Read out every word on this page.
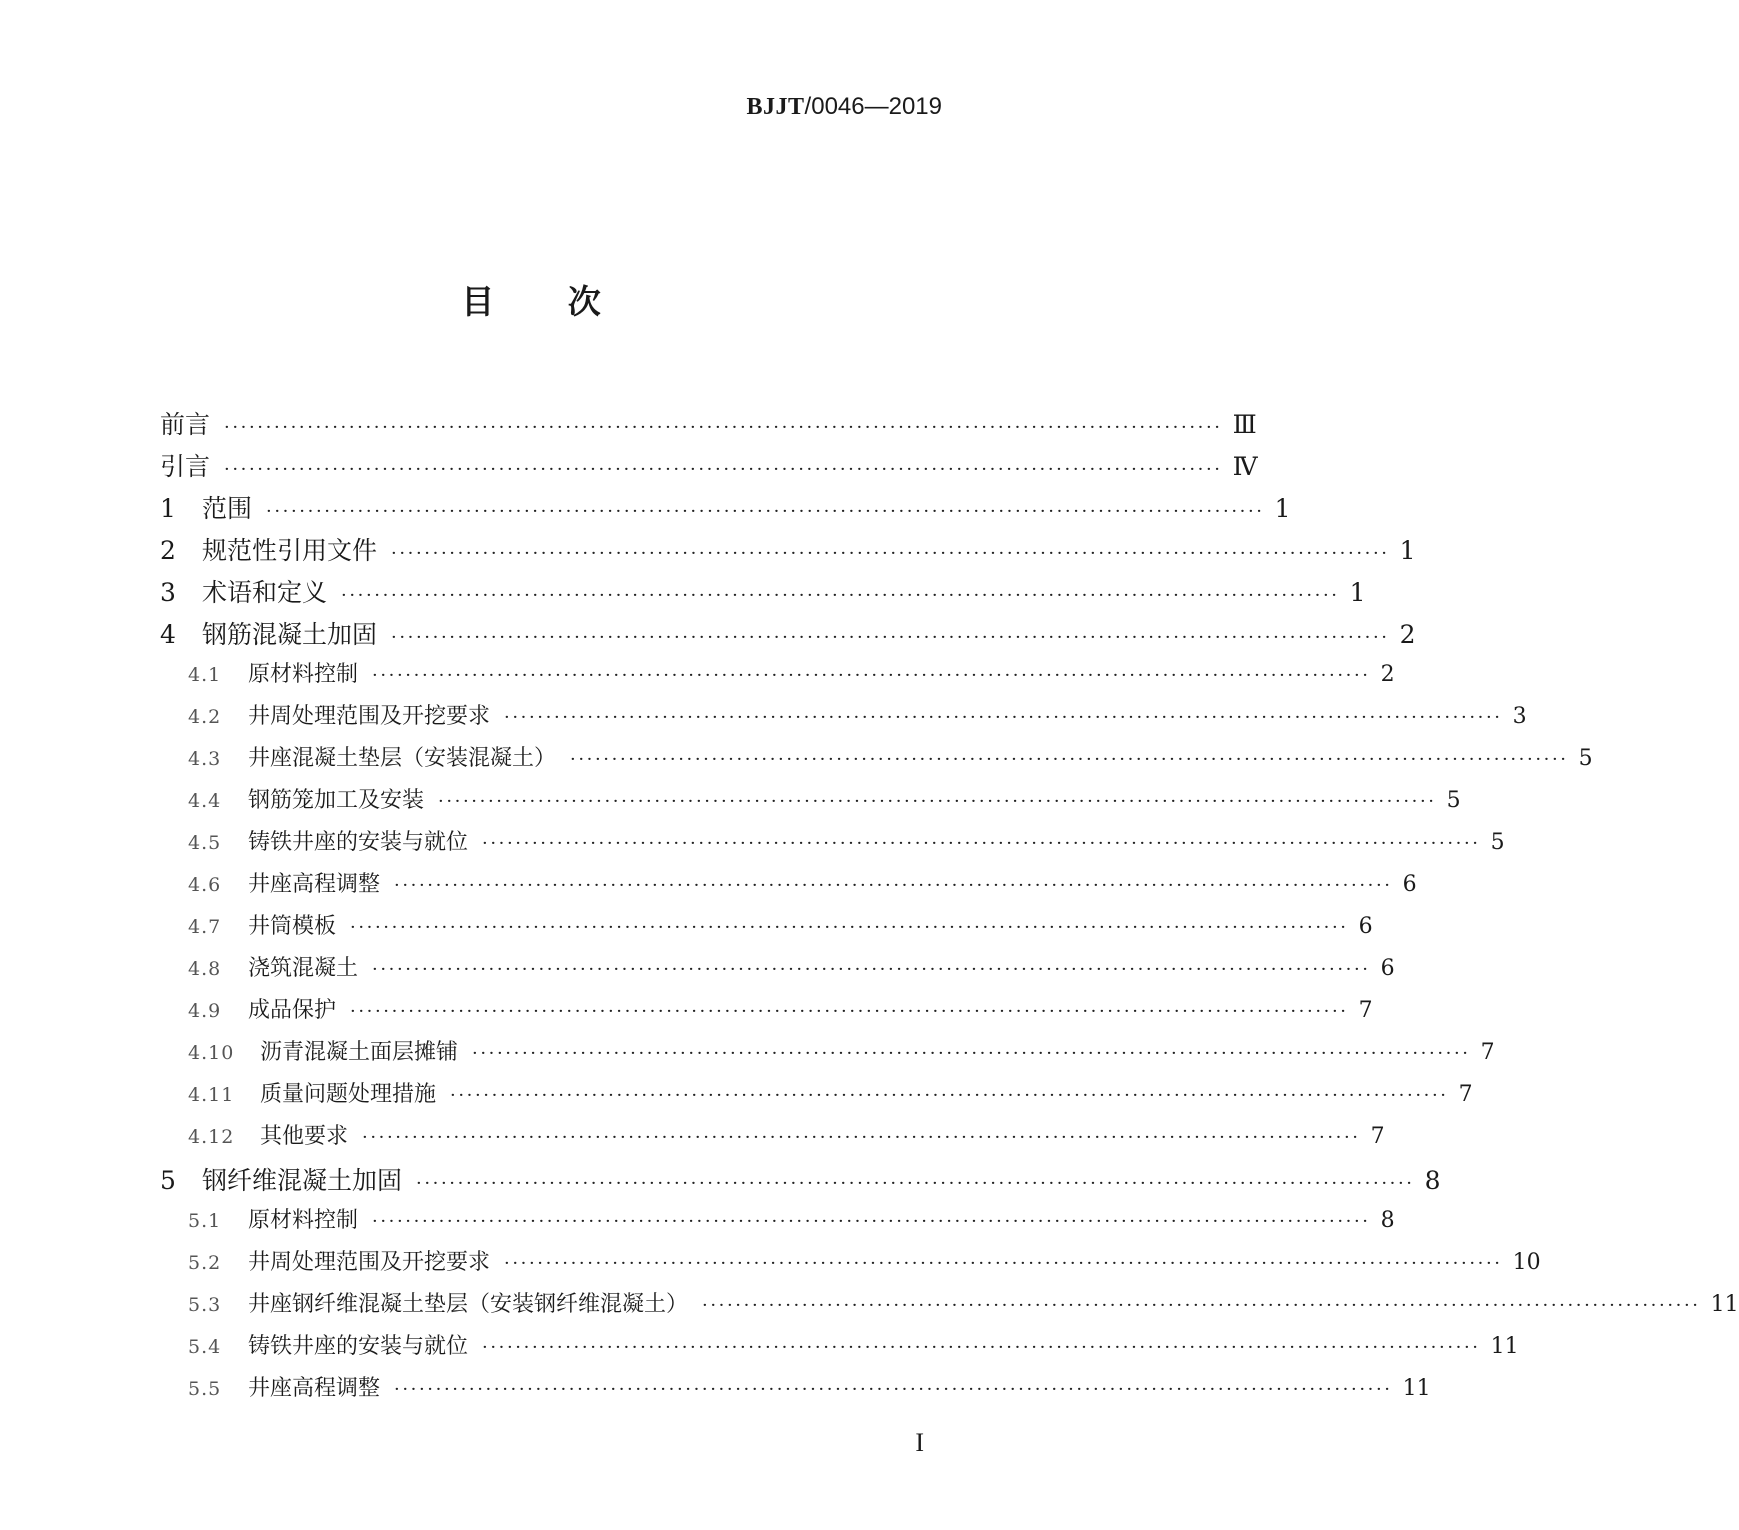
BJJT/0046—2019
目 次
前言 ························································································································ Ⅲ
引言 ························································································································ Ⅳ
1	范围 ························································································································ 1
2	规范性引用文件 ························································································································ 1
3	术语和定义 ························································································································ 1
4	钢筋混凝土加固 ························································································································ 2
4.1	原材料控制 ························································································································ 2
4.2	井周处理范围及开挖要求 ························································································································ 3
4.3	井座混凝土垫层（安装混凝土） ························································································································ 5
4.4	钢筋笼加工及安装 ························································································································ 5
4.5	铸铁井座的安装与就位 ························································································································ 5
4.6	井座高程调整 ························································································································ 6
4.7	井筒模板 ························································································································ 6
4.8	浇筑混凝土 ························································································································ 6
4.9	成品保护 ························································································································ 7
4.10	沥青混凝土面层摊铺 ························································································································ 7
4.11	质量问题处理措施 ························································································································ 7
4.12	其他要求 ························································································································ 7
5	钢纤维混凝土加固 ························································································································ 8
5.1	原材料控制 ························································································································ 8
5.2	井周处理范围及开挖要求 ························································································································ 10
5.3	井座钢纤维混凝土垫层（安装钢纤维混凝土） ························································································································ 11
5.4	铸铁井座的安装与就位 ························································································································ 11
5.5	井座高程调整 ························································································································ 11
I
